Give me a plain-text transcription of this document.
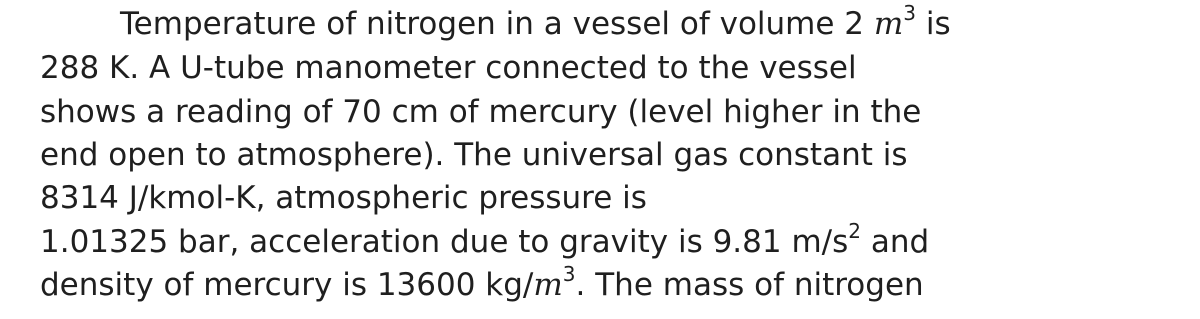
Temperature of nitrogen in a vessel of volume 2 $m^3$ is
288 K. A U-tube manometer connected to the vessel
shows a reading of 70 cm of mercury (level higher in the
end open to atmosphere). The universal gas constant is
8314 J/kmol-K, atmospheric pressure is
1.01325 bar, acceleration due to gravity is 9.81 $m/s^2$ and
density of mercury is 13600 $kg/m^3$. The mass of nitrogen
